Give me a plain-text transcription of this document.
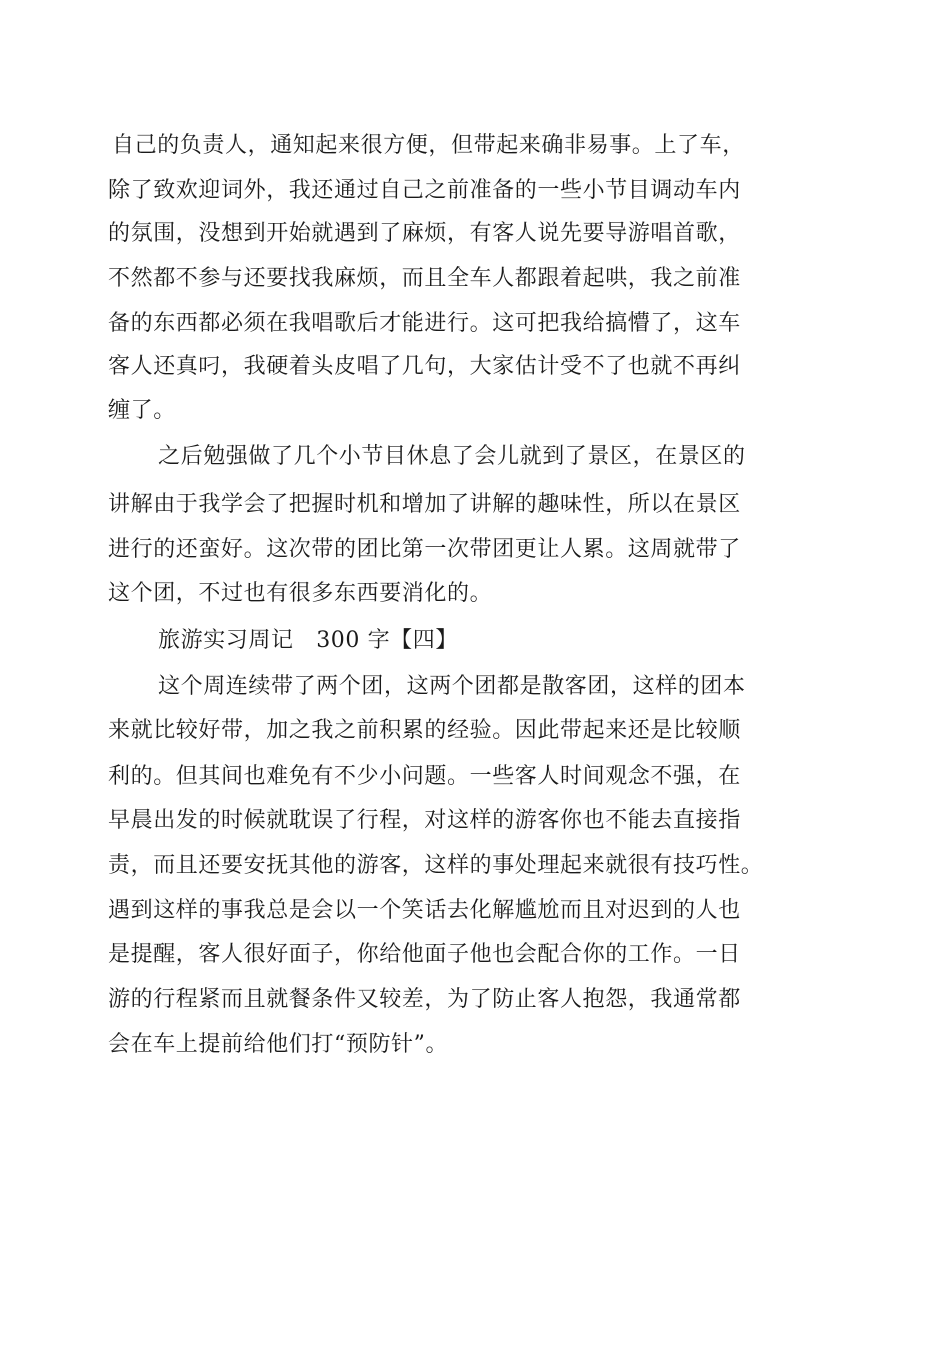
自己的负责人，通知起来很方便，但带起来确非易事。上了车，
除了致欢迎词外，我还通过自己之前准备的一些小节目调动车内
的氛围，没想到开始就遇到了麻烦，有客人说先要导游唱首歌，
不然都不参与还要找我麻烦，而且全车人都跟着起哄，我之前准
备的东西都必须在我唱歌后才能进行。这可把我给搞懵了，这车
客人还真叼，我硬着头皮唱了几句，大家估计受不了也就不再纠
缠了。
之后勉强做了几个小节目休息了会儿就到了景区，在景区的
讲解由于我学会了把握时机和增加了讲解的趣味性，所以在景区
进行的还蛮好。这次带的团比第一次带团更让人累。这周就带了
这个团，不过也有很多东西要消化的。
旅游实习周记　300 字【四】
这个周连续带了两个团，这两个团都是散客团，这样的团本
来就比较好带，加之我之前积累的经验。因此带起来还是比较顺
利的。但其间也难免有不少小问题。一些客人时间观念不强，在
早晨出发的时候就耽误了行程，对这样的游客你也不能去直接指
责，而且还要安抚其他的游客，这样的事处理起来就很有技巧性。
遇到这样的事我总是会以一个笑话去化解尴尬而且对迟到的人也
是提醒，客人很好面子，你给他面子他也会配合你的工作。一日
游的行程紧而且就餐条件又较差，为了防止客人抱怨，我通常都
会在车上提前给他们打“预防针”。
